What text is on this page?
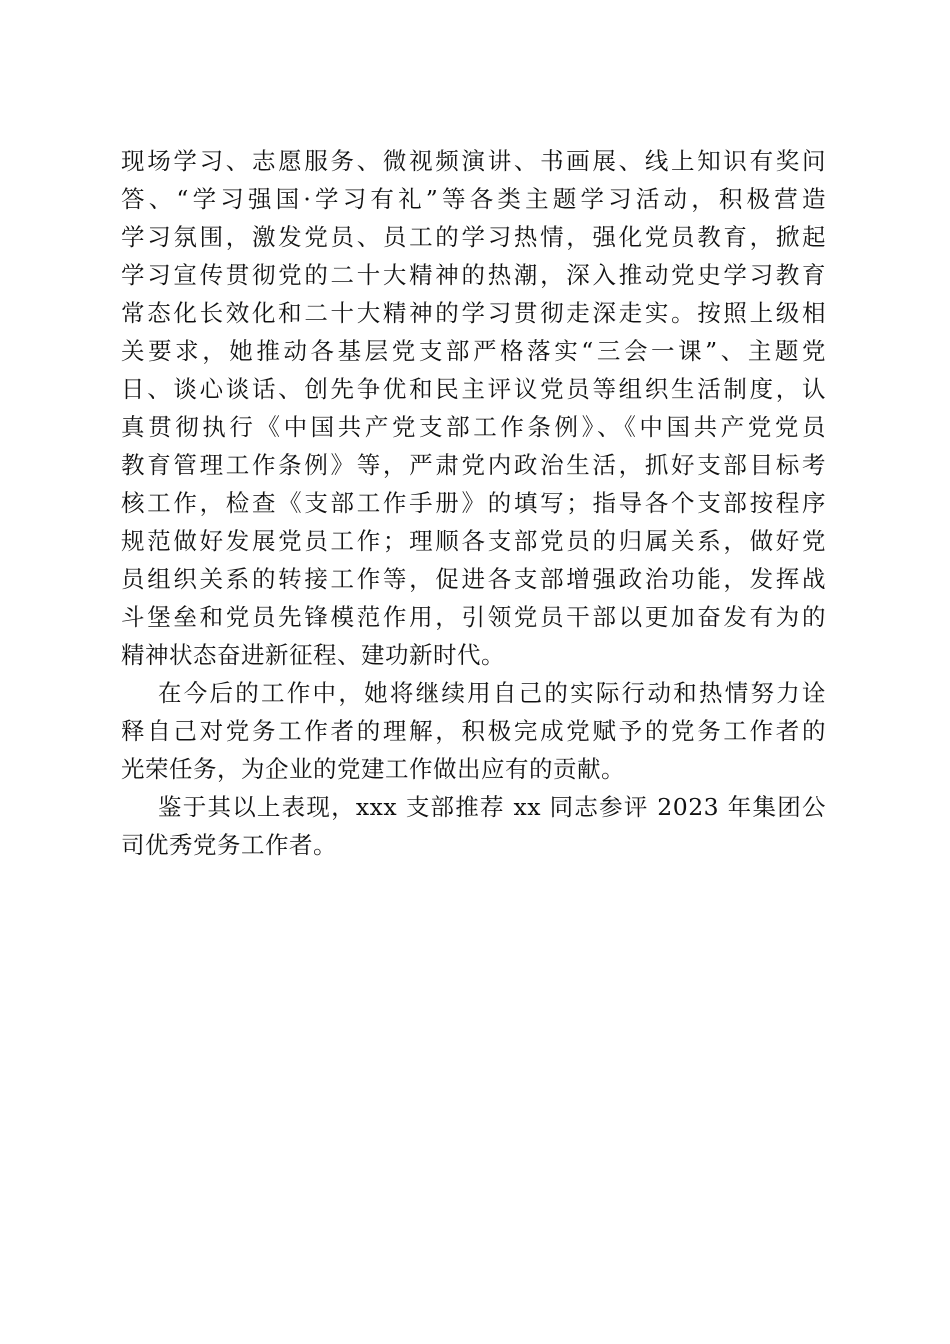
现场学习、志愿服务、微视频演讲、书画展、线上知识有奖问
答、“学习强国·学习有礼”等各类主题学习活动，积极营造
学习氛围，激发党员、员工的学习热情，强化党员教育，掀起
学习宣传贯彻党的二十大精神的热潮，深入推动党史学习教育
常态化长效化和二十大精神的学习贯彻走深走实。按照上级相
关要求，她推动各基层党支部严格落实“三会一课”、主题党
日、谈心谈话、创先争优和民主评议党员等组织生活制度，认
真贯彻执行《中国共产党支部工作条例》、《中国共产党党员
教育管理工作条例》等，严肃党内政治生活，抓好支部目标考
核工作，检查《支部工作手册》的填写；指导各个支部按程序
规范做好发展党员工作；理顺各支部党员的归属关系，做好党
员组织关系的转接工作等，促进各支部增强政治功能，发挥战
斗堡垒和党员先锋模范作用，引领党员干部以更加奋发有为的
精神状态奋进新征程、建功新时代。
在今后的工作中，她将继续用自己的实际行动和热情努力诠
释自己对党务工作者的理解，积极完成党赋予的党务工作者的
光荣任务，为企业的党建工作做出应有的贡献。
鉴于其以上表现，xxx 支部推荐 xx 同志参评 2023 年集团公
司优秀党务工作者。
